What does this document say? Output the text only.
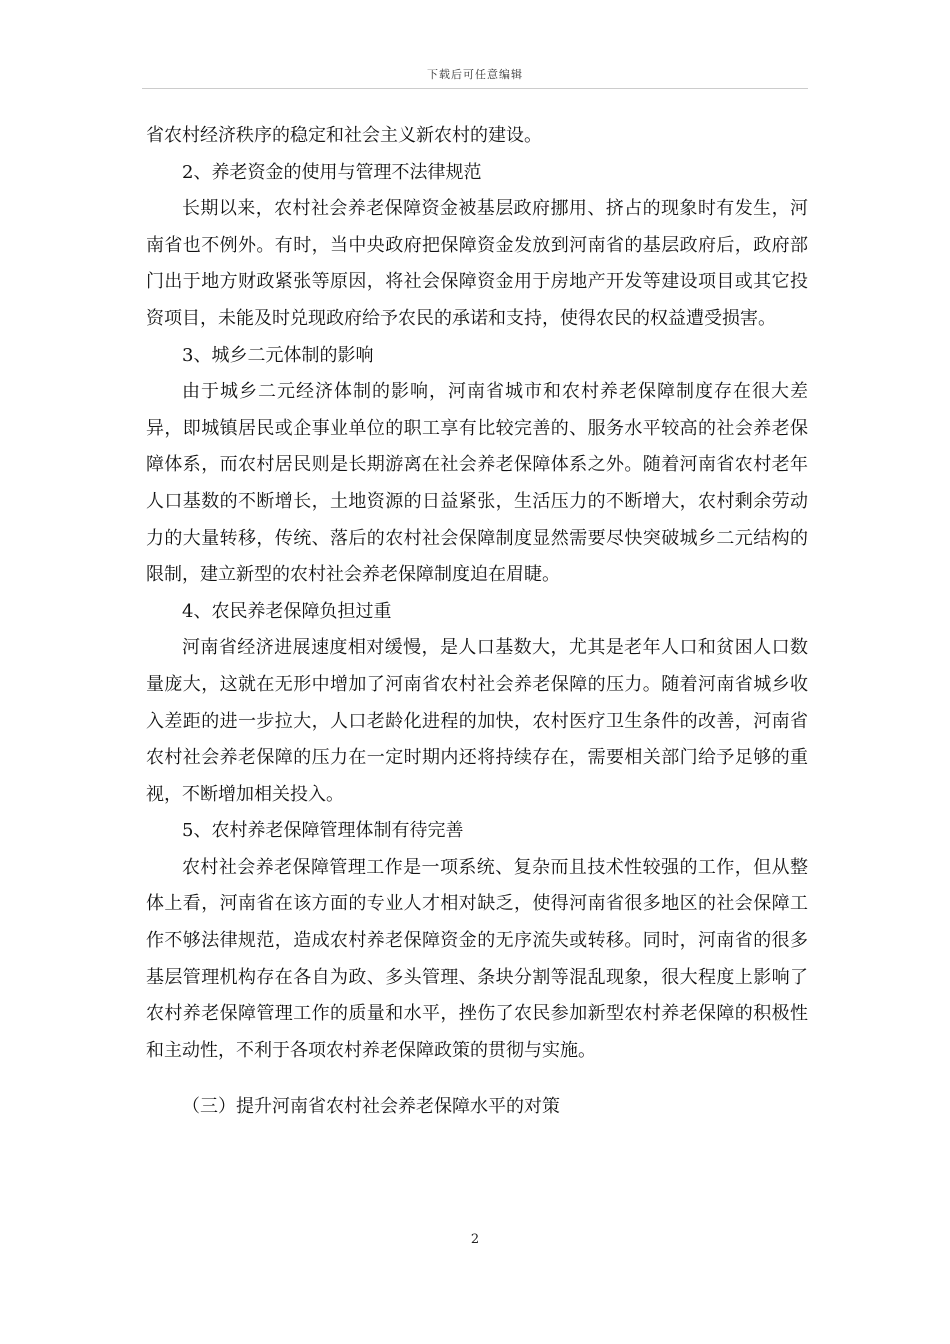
下载后可任意编辑

省农村经济秩序的稳定和社会主义新农村的建设。

2、养老资金的使用与管理不法律规范

长期以来，农村社会养老保障资金被基层政府挪用、挤占的现象时有发生，河南省也不例外。有时，当中央政府把保障资金发放到河南省的基层政府后，政府部门出于地方财政紧张等原因，将社会保障资金用于房地产开发等建设项目或其它投资项目，未能及时兑现政府给予农民的承诺和支持，使得农民的权益遭受损害。

3、城乡二元体制的影响

由于城乡二元经济体制的影响，河南省城市和农村养老保障制度存在很大差异，即城镇居民或企事业单位的职工享有比较完善的、服务水平较高的社会养老保障体系，而农村居民则是长期游离在社会养老保障体系之外。随着河南省农村老年人口基数的不断增长，土地资源的日益紧张，生活压力的不断增大，农村剩余劳动力的大量转移，传统、落后的农村社会保障制度显然需要尽快突破城乡二元结构的限制，建立新型的农村社会养老保障制度迫在眉睫。

4、农民养老保障负担过重

河南省经济进展速度相对缓慢，是人口基数大，尤其是老年人口和贫困人口数量庞大，这就在无形中增加了河南省农村社会养老保障的压力。随着河南省城乡收入差距的进一步拉大，人口老龄化进程的加快，农村医疗卫生条件的改善，河南省农村社会养老保障的压力在一定时期内还将持续存在，需要相关部门给予足够的重视，不断增加相关投入。

5、农村养老保障管理体制有待完善

农村社会养老保障管理工作是一项系统、复杂而且技术性较强的工作，但从整体上看，河南省在该方面的专业人才相对缺乏，使得河南省很多地区的社会保障工作不够法律规范，造成农村养老保障资金的无序流失或转移。同时，河南省的很多基层管理机构存在各自为政、多头管理、条块分割等混乱现象，很大程度上影响了农村养老保障管理工作的质量和水平，挫伤了农民参加新型农村养老保障的积极性和主动性，不利于各项农村养老保障政策的贯彻与实施。

（三）提升河南省农村社会养老保障水平的对策

2
